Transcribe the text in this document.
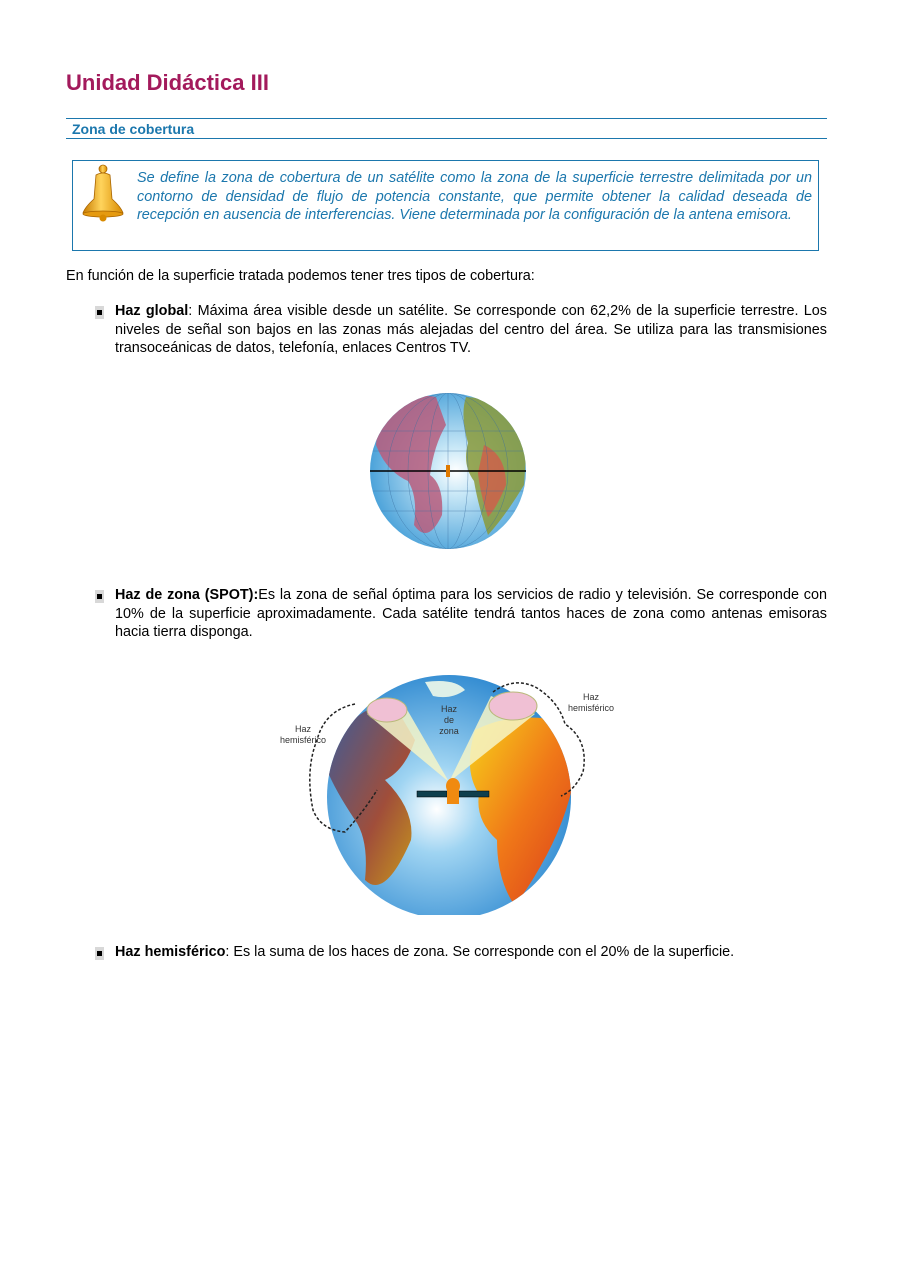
Unidad Didáctica III
Zona de cobertura

Se define la zona de cobertura de un satélite como la zona de la superficie terrestre delimitada por un contorno de densidad de flujo de potencia constante, que permite obtener la calidad deseada de recepción en ausencia de interferencias. Viene determinada por la configuración de la antena emisora.

En función de la superficie tratada podemos tener tres tipos de cobertura:

Haz global: Máxima área visible desde un satélite. Se corresponde con 62,2% de la superficie terrestre. Los niveles de señal son bajos en las zonas más alejadas del centro del área. Se utiliza para las transmisiones transoceánicas de datos, telefonía, enlaces Centros TV.

Haz de zona (SPOT):Es la zona de señal óptima para los servicios de radio y televisión. Se corresponde con 10% de la superficie aproximadamente. Cada satélite tendrá tantos haces de zona como antenas emisoras hacia tierra disponga.

Haz
hemisférico
Haz
de
zona
Haz
hemisférico

Haz hemisférico: Es la suma de los haces de zona. Se corresponde con el 20% de la superficie.
